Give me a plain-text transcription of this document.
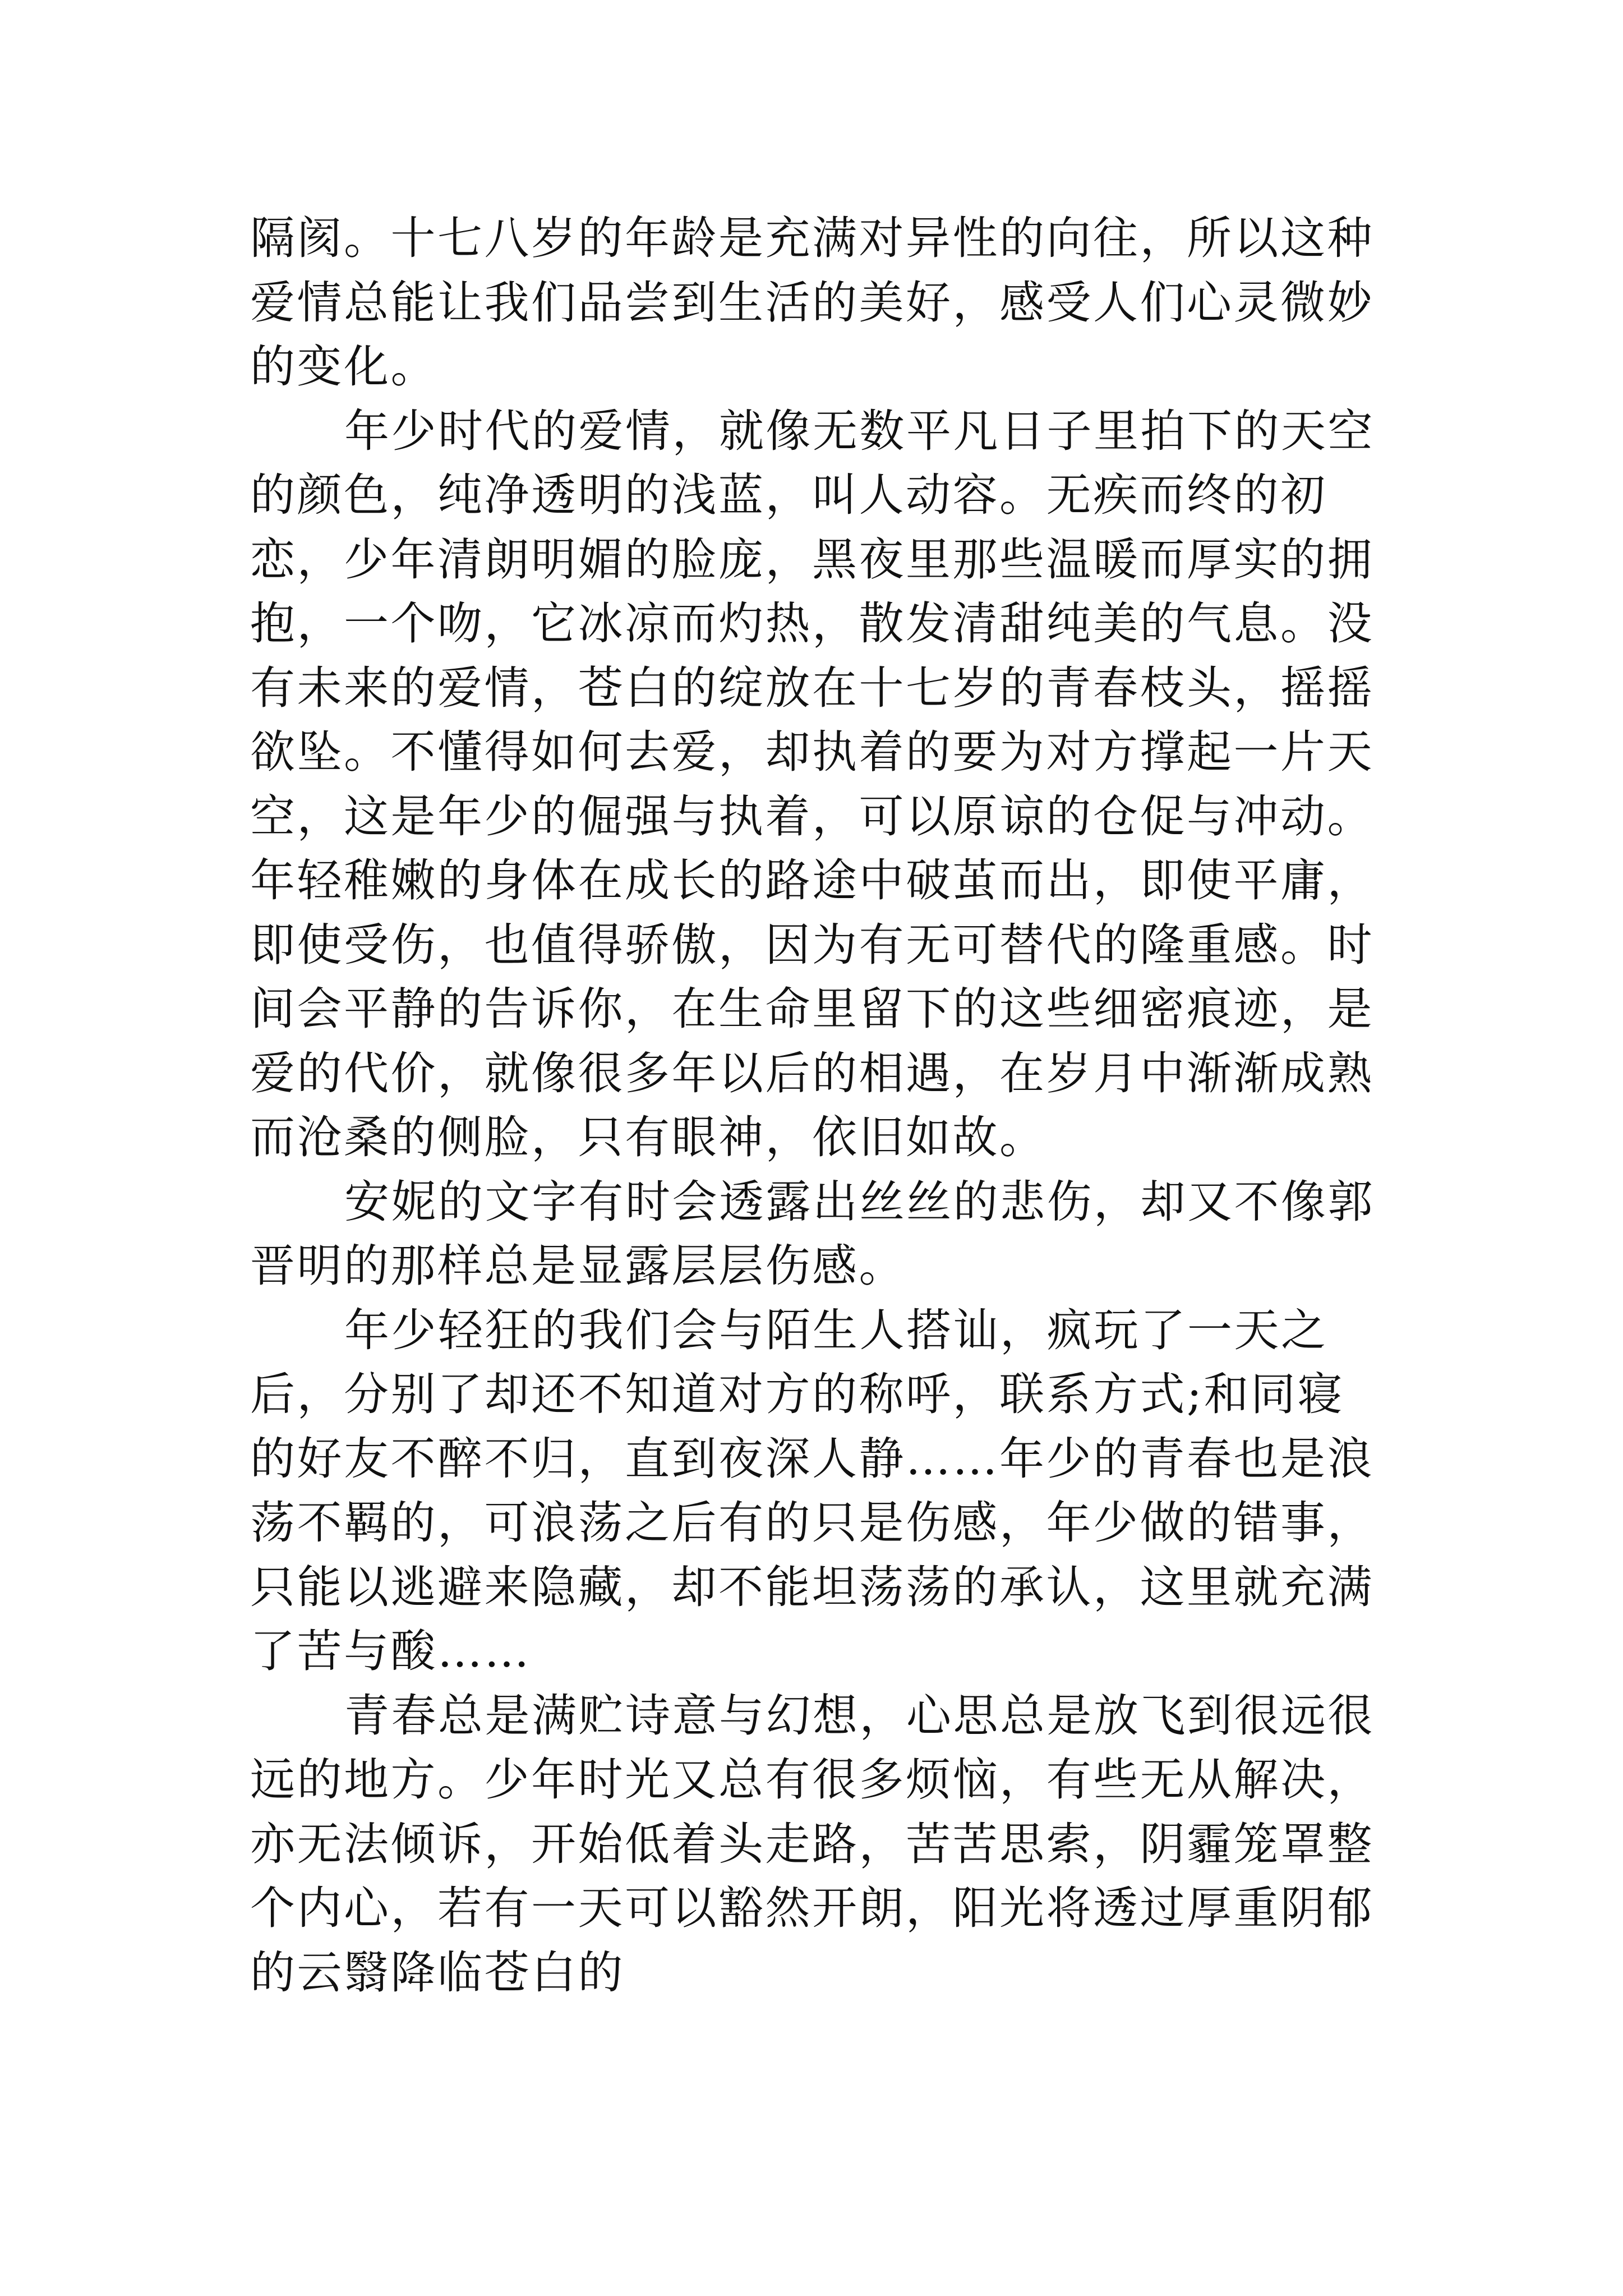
隔阂。十七八岁的年龄是充满对异性的向往，所以这种爱情总能让我们品尝到生活的美好，感受人们心灵微妙的变化。

年少时代的爱情，就像无数平凡日子里拍下的天空的颜色，纯净透明的浅蓝，叫人动容。无疾而终的初恋，少年清朗明媚的脸庞，黑夜里那些温暖而厚实的拥抱，一个吻，它冰凉而灼热，散发清甜纯美的气息。没有未来的爱情，苍白的绽放在十七岁的青春枝头，摇摇欲坠。不懂得如何去爱，却执着的要为对方撑起一片天空，这是年少的倔强与执着，可以原谅的仓促与冲动。年轻稚嫩的身体在成长的路途中破茧而出，即使平庸，即使受伤，也值得骄傲，因为有无可替代的隆重感。时间会平静的告诉你，在生命里留下的这些细密痕迹，是爱的代价，就像很多年以后的相遇，在岁月中渐渐成熟而沧桑的侧脸，只有眼神，依旧如故。

安妮的文字有时会透露出丝丝的悲伤，却又不像郭晋明的那样总是显露层层伤感。

年少轻狂的我们会与陌生人搭讪，疯玩了一天之后，分别了却还不知道对方的称呼，联系方式;和同寝的好友不醉不归，直到夜深人静……年少的青春也是浪荡不羁的，可浪荡之后有的只是伤感，年少做的错事，只能以逃避来隐藏，却不能坦荡荡的承认，这里就充满了苦与酸……

青春总是满贮诗意与幻想，心思总是放飞到很远很远的地方。少年时光又总有很多烦恼，有些无从解决，亦无法倾诉，开始低着头走路，苦苦思索，阴霾笼罩整个内心，若有一天可以豁然开朗，阳光将透过厚重阴郁的云翳降临苍白的
